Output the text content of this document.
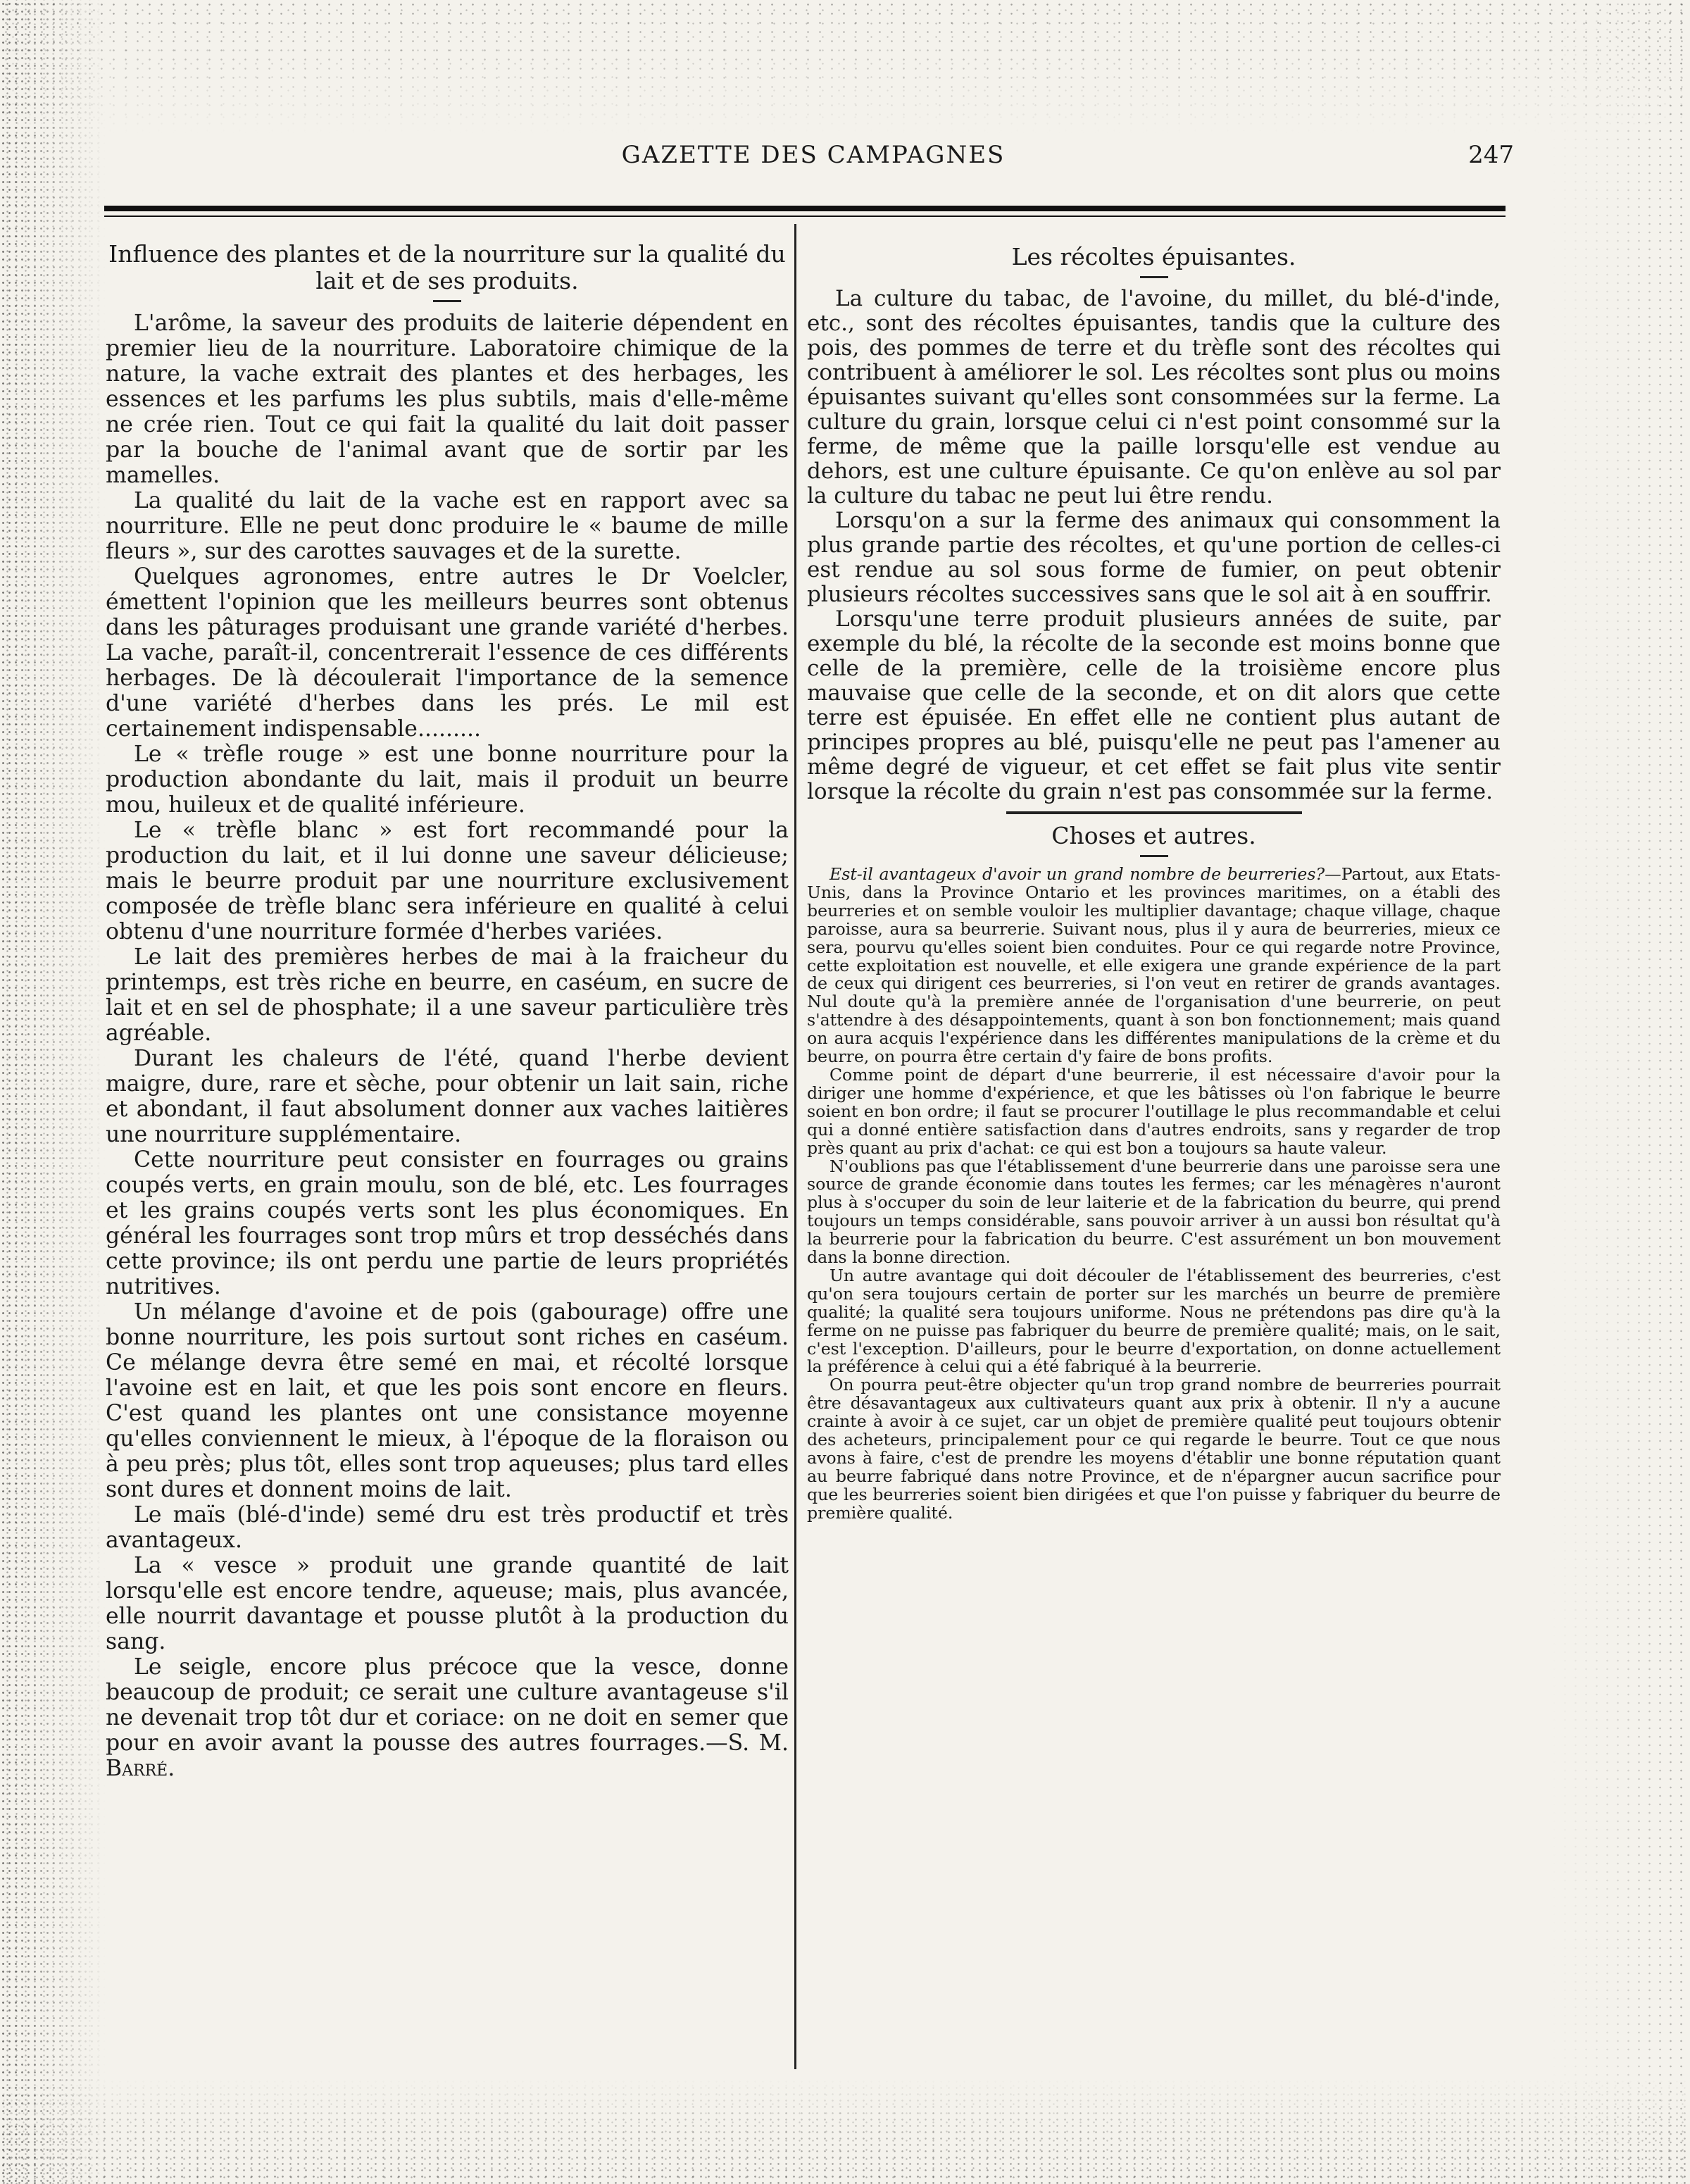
GAZETTE DES CAMPAGNES	247
Influence des plantes et de la nourriture sur la qualité du lait et de ses produits.

L'arôme, la saveur des produits de laiterie dépendent en premier lieu de la nourriture. Laboratoire chimique de la nature, la vache extrait des plantes et des herbages, les essences et les parfums les plus subtils, mais d'elle-même ne crée rien. Tout ce qui fait la qualité du lait doit passer par la bouche de l'animal avant que de sortir par les mamelles.

La qualité du lait de la vache est en rapport avec sa nourriture. Elle ne peut donc produire le « baume de mille fleurs », sur des carottes sauvages et de la surette.

Quelques agronomes, entre autres le Dr Voelcler, émettent l'opinion que les meilleurs beurres sont obtenus dans les pâturages produisant une grande variété d'herbes. La vache, paraît-il, concentrerait l'essence de ces différents herbages. De là découlerait l'importance de la semence d'une variété d'herbes dans les prés. Le mil est certainement indispensable.........

Le « trèfle rouge » est une bonne nourriture pour la production abondante du lait, mais il produit un beurre mou, huileux et de qualité inférieure.

Le « trèfle blanc » est fort recommandé pour la production du lait, et il lui donne une saveur délicieuse; mais le beurre produit par une nourriture exclusivement composée de trèfle blanc sera inférieure en qualité à celui obtenu d'une nourriture formée d'herbes variées.

Le lait des premières herbes de mai à la fraicheur du printemps, est très riche en beurre, en caséum, en sucre de lait et en sel de phosphate; il a une saveur particulière très agréable.

Durant les chaleurs de l'été, quand l'herbe devient maigre, dure, rare et sèche, pour obtenir un lait sain, riche et abondant, il faut absolument donner aux vaches laitières une nourriture supplémentaire.

Cette nourriture peut consister en fourrages ou grains coupés verts, en grain moulu, son de blé, etc. Les fourrages et les grains coupés verts sont les plus économiques. En général les fourrages sont trop mûrs et trop desséchés dans cette province; ils ont perdu une partie de leurs propriétés nutritives.

Un mélange d'avoine et de pois (gabourage) offre une bonne nourriture, les pois surtout sont riches en caséum. Ce mélange devra être semé en mai, et récolté lorsque l'avoine est en lait, et que les pois sont encore en fleurs. C'est quand les plantes ont une consistance moyenne qu'elles conviennent le mieux, à l'époque de la floraison ou à peu près; plus tôt, elles sont trop aqueuses; plus tard elles sont dures et donnent moins de lait.

Le maïs (blé-d'inde) semé dru est très productif et très avantageux.

La « vesce » produit une grande quantité de lait lorsqu'elle est encore tendre, aqueuse; mais, plus avancée, elle nourrit davantage et pousse plutôt à la production du sang.

Le seigle, encore plus précoce que la vesce, donne beaucoup de produit; ce serait une culture avantageuse s'il ne devenait trop tôt dur et coriace: on ne doit en semer que pour en avoir avant la pousse des autres fourrages.—S. M. Barré.

Les récoltes épuisantes.

La culture du tabac, de l'avoine, du millet, du blé-d'inde, etc., sont des récoltes épuisantes, tandis que la culture des pois, des pommes de terre et du trèfle sont des récoltes qui contribuent à améliorer le sol. Les récoltes sont plus ou moins épuisantes suivant qu'elles sont consommées sur la ferme. La culture du grain, lorsque celui ci n'est point consommé sur la ferme, de même que la paille lorsqu'elle est vendue au dehors, est une culture épuisante. Ce qu'on enlève au sol par la culture du tabac ne peut lui être rendu.

Lorsqu'on a sur la ferme des animaux qui consomment la plus grande partie des récoltes, et qu'une portion de celles-ci est rendue au sol sous forme de fumier, on peut obtenir plusieurs récoltes successives sans que le sol ait à en souffrir.

Lorsqu'une terre produit plusieurs années de suite, par exemple du blé, la récolte de la seconde est moins bonne que celle de la première, celle de la troisième encore plus mauvaise que celle de la seconde, et on dit alors que cette terre est épuisée. En effet elle ne contient plus autant de principes propres au blé, puisqu'elle ne peut pas l'amener au même degré de vigueur, et cet effet se fait plus vite sentir lorsque la récolte du grain n'est pas consommée sur la ferme.

Choses et autres.

Est-il avantageux d'avoir un grand nombre de beurreries?—Partout, aux Etats-Unis, dans la Province Ontario et les provinces maritimes, on a établi des beurreries et on semble vouloir les multiplier davantage; chaque village, chaque paroisse, aura sa beurrerie. Suivant nous, plus il y aura de beurreries, mieux ce sera, pourvu qu'elles soient bien conduites. Pour ce qui regarde notre Province, cette exploitation est nouvelle, et elle exigera une grande expérience de la part de ceux qui dirigent ces beurreries, si l'on veut en retirer de grands avantages. Nul doute qu'à la première année de l'organisation d'une beurrerie, on peut s'attendre à des désappointements, quant à son bon fonctionnement; mais quand on aura acquis l'expérience dans les différentes manipulations de la crème et du beurre, on pourra être certain d'y faire de bons profits.

Comme point de départ d'une beurrerie, il est nécessaire d'avoir pour la diriger une homme d'expérience, et que les bâtisses où l'on fabrique le beurre soient en bon ordre; il faut se procurer l'outillage le plus recommandable et celui qui a donné entière satisfaction dans d'autres endroits, sans y regarder de trop près quant au prix d'achat: ce qui est bon a toujours sa haute valeur.

N'oublions pas que l'établissement d'une beurrerie dans une paroisse sera une source de grande économie dans toutes les fermes; car les ménagères n'auront plus à s'occuper du soin de leur laiterie et de la fabrication du beurre, qui prend toujours un temps considérable, sans pouvoir arriver à un aussi bon résultat qu'à la beurrerie pour la fabrication du beurre. C'est assurément un bon mouvement dans la bonne direction.

Un autre avantage qui doit découler de l'établissement des beurreries, c'est qu'on sera toujours certain de porter sur les marchés un beurre de première qualité; la qualité sera toujours uniforme. Nous ne prétendons pas dire qu'à la ferme on ne puisse pas fabriquer du beurre de première qualité; mais, on le sait, c'est l'exception. D'ailleurs, pour le beurre d'exportation, on donne actuellement la préférence à celui qui a été fabriqué à la beurrerie.

On pourra peut-être objecter qu'un trop grand nombre de beurreries pourrait être désavantageux aux cultivateurs quant aux prix à obtenir. Il n'y a aucune crainte à avoir à ce sujet, car un objet de première qualité peut toujours obtenir des acheteurs, principalement pour ce qui regarde le beurre. Tout ce que nous avons à faire, c'est de prendre les moyens d'établir une bonne réputation quant au beurre fabriqué dans notre Province, et de n'épargner aucun sacrifice pour que les beurreries soient bien dirigées et que l'on puisse y fabriquer du beurre de première qualité.
